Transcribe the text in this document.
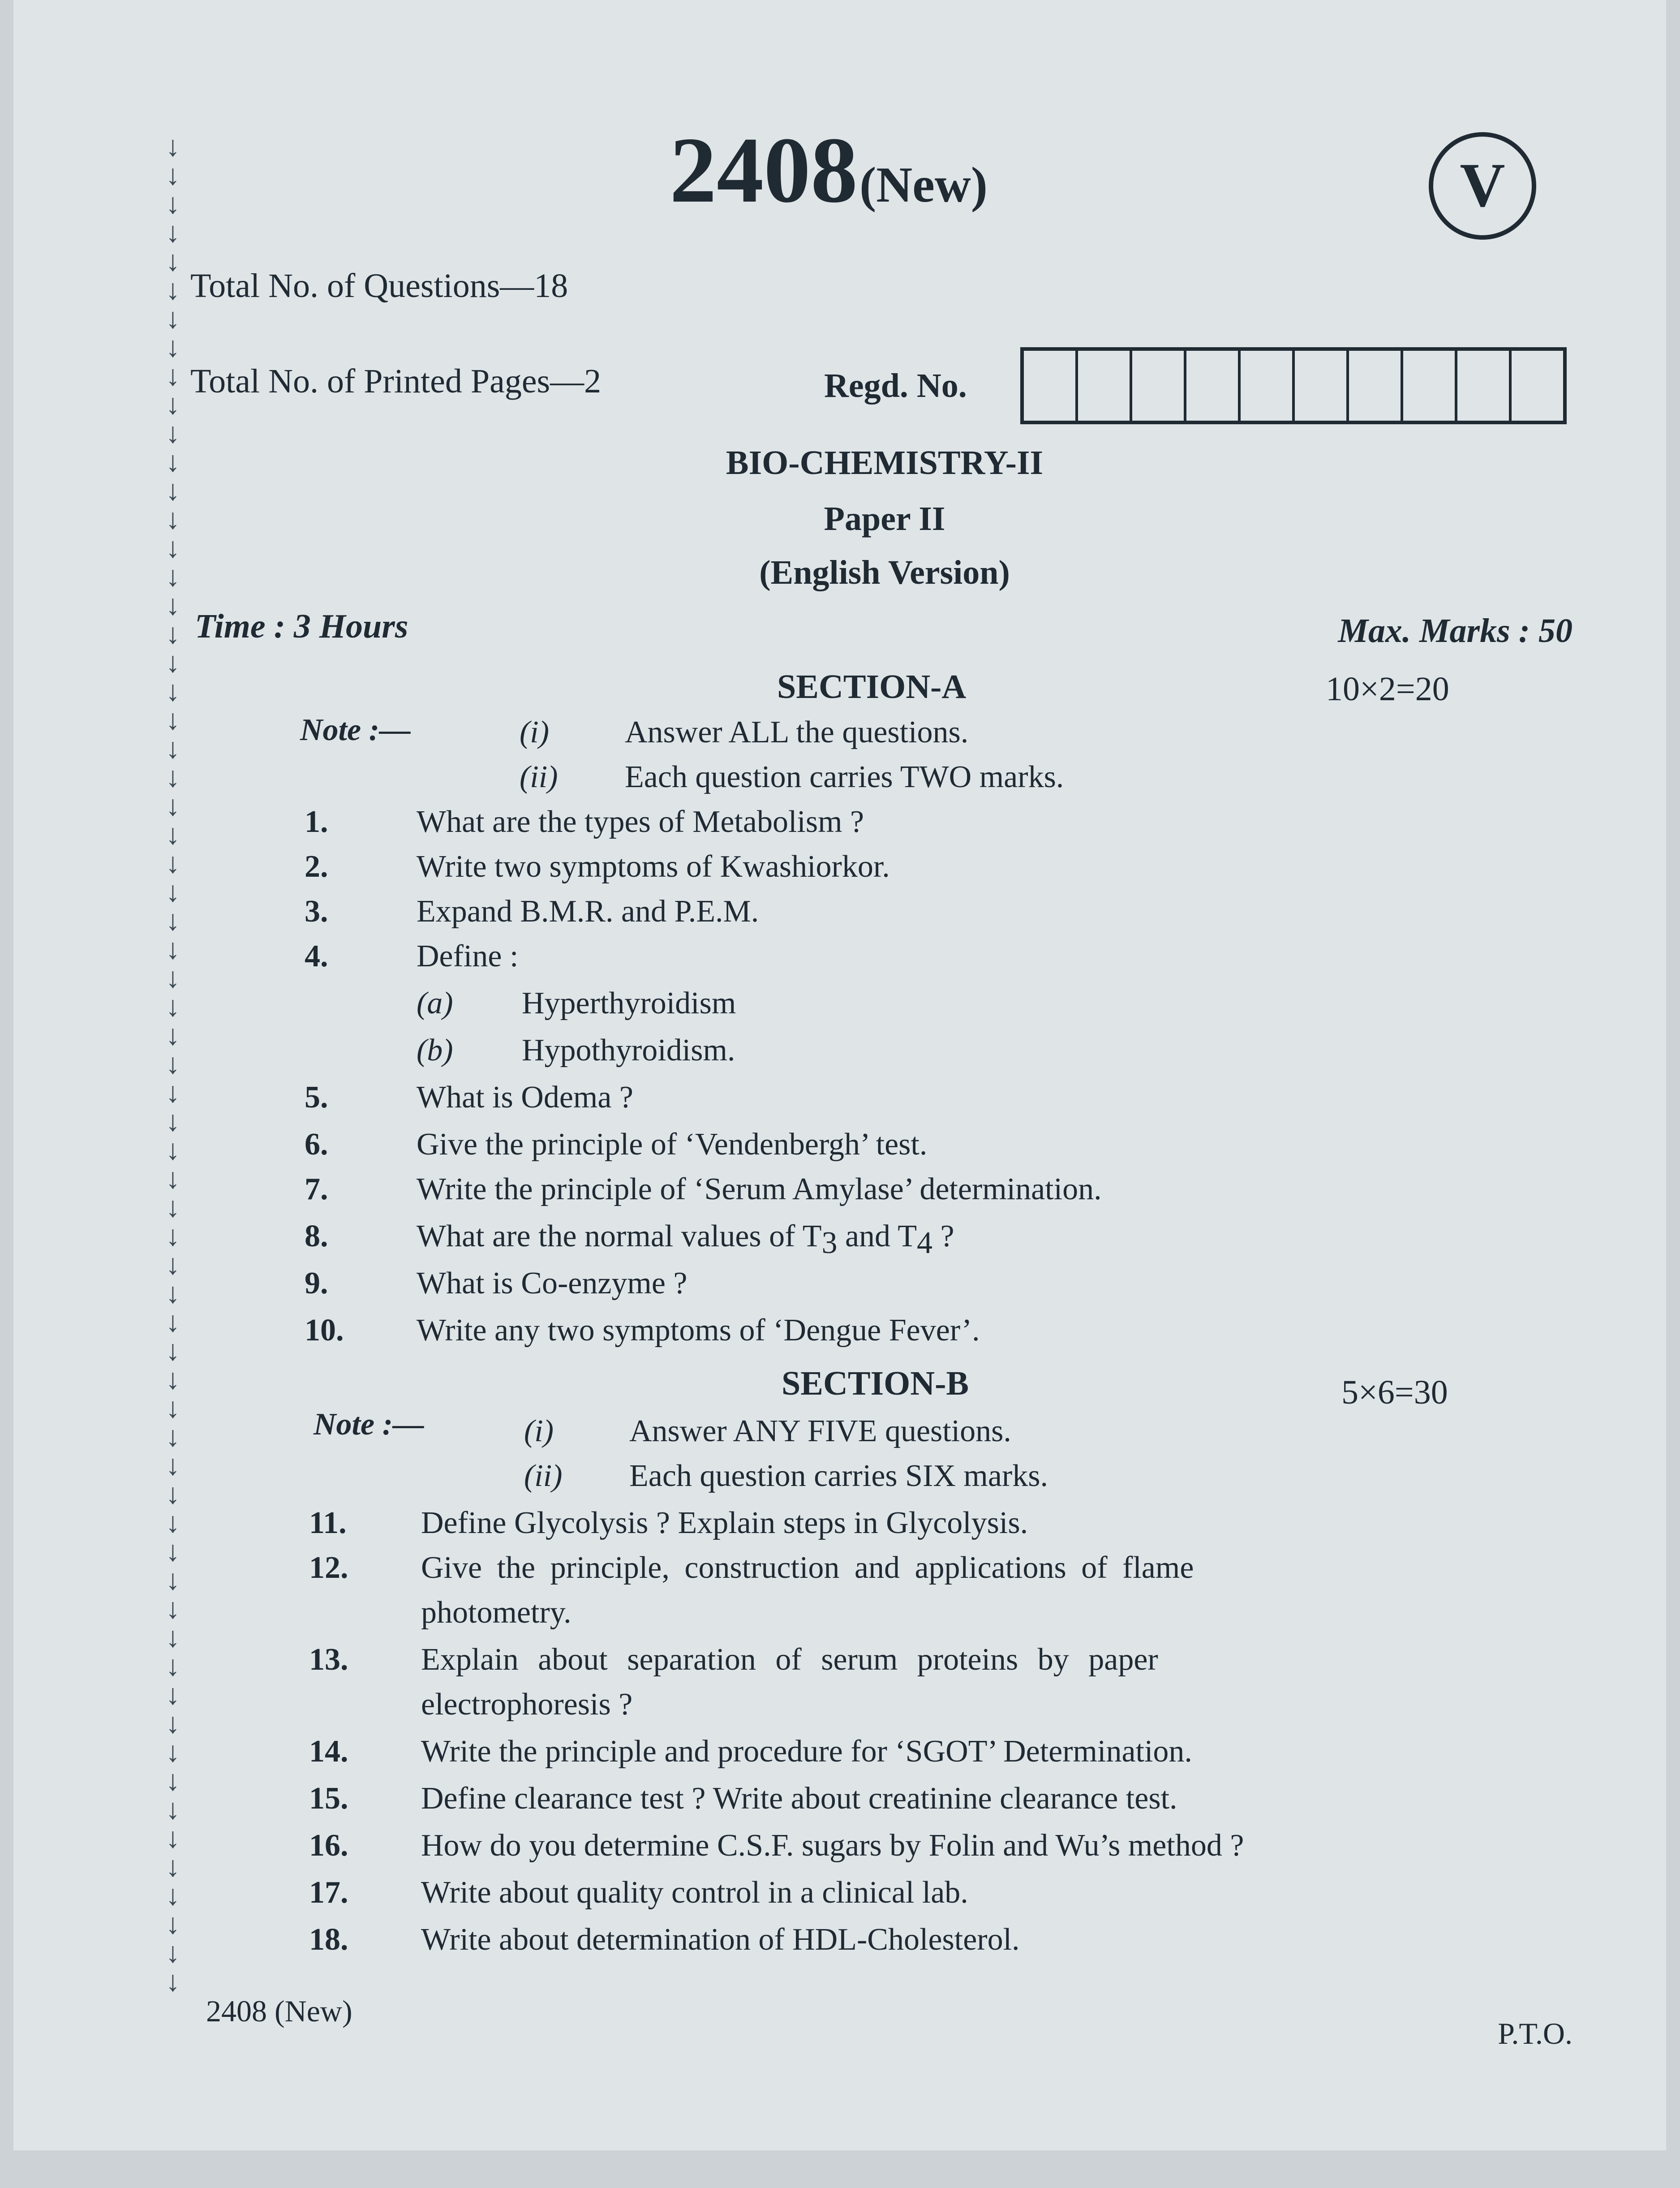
↓
↓
↓
↓
↓
↓
↓
↓
↓
↓
↓
↓
↓
↓
↓
↓
↓
↓
↓
↓
↓
↓
↓
↓
↓
↓
↓
↓
↓
↓
↓
↓
↓
↓
↓
↓
↓
↓
↓
↓
↓
↓
↓
↓
↓
↓
↓
↓
↓
↓
↓
↓
↓
↓
↓
↓
↓
↓
↓
↓
↓
↓
↓
↓
↓
2408 (New)	V
Total No. of Questions—18
Total No. of Printed Pages—2	Regd. No.
BIO-CHEMISTRY-II
Paper II
(English Version)
Time : 3 Hours	Max. Marks : 50
SECTION-A	10×2=20
Note :—	(i) Answer ALL the questions.
(ii) Each question carries TWO marks.
1.	What are the types of Metabolism ?
2.	Write two symptoms of Kwashiorkor.
3.	Expand B.M.R. and P.E.M.
4.	Define :
(a) Hyperthyroidism
(b) Hypothyroidism.
5.	What is Odema ?
6.	Give the principle of ‘Vendenbergh’ test.
7.	Write the principle of ‘Serum Amylase’ determination.
8.	What are the normal values of $T_3$ and $T_4$ ?
9.	What is Co-enzyme ?
10. Write any two symptoms of ‘Dengue Fever’.
SECTION-B	5×6=30
Note :—	(i) Answer ANY FIVE questions.
(ii) Each question carries SIX marks.
11. Define Glycolysis ? Explain steps in Glycolysis.
12. Give the principle, construction and applications of flame
photometry.
13. Explain about separation of serum proteins by paper
electrophoresis ?
14. Write the principle and procedure for ‘SGOT’ Determination.
15. Define clearance test ? Write about creatinine clearance test.
16. How do you determine C.S.F. sugars by Folin and Wu’s method ?
17. Write about quality control in a clinical lab.
18. Write about determination of HDL-Cholesterol.
2408 (New)
P.T.O.
